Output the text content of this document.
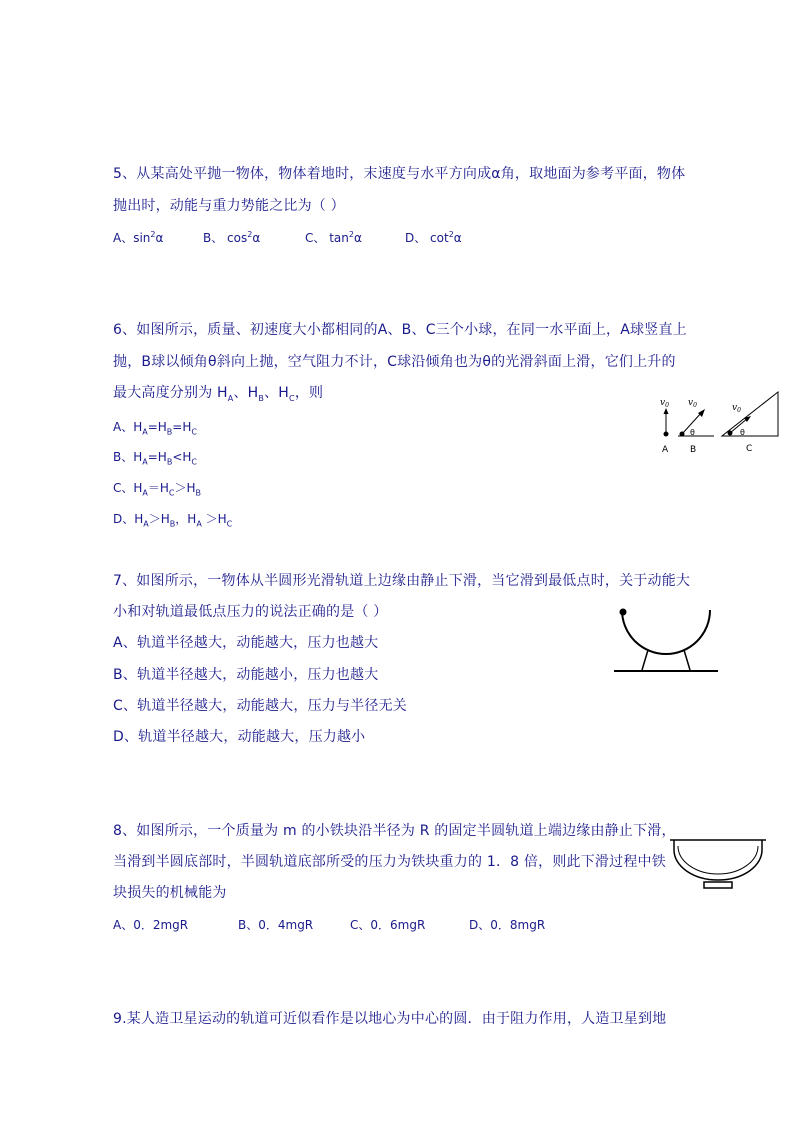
5、从某高处平抛一物体，物体着地时，末速度与水平方向成α角，取地面为参考平面，物体
抛出时，动能与重力势能之比为（ ）
A、$\sin^2\alpha$	B、 $\cos^2\alpha$	C、 $\tan^2\alpha$	D、 $\cot^2\alpha$
6、如图所示，质量、初速度大小都相同的A、B、C三个小球，在同一水平面上，A球竖直上
抛，B球以倾角θ斜向上抛，空气阻力不计，C球沿倾角也为θ的光滑斜面上滑，它们上升的
最大高度分别为 $H_A$、$H_B$、$H_C$，则
A、$H_A=H_B=H_C$
B、$H_A=H_B<H_C$
C、$H_A=H_C>H_B$
D、$H_A>H_B$，$H_A >H_C$
$v_0$
A
$v_0$
θ
B
$v_0$
θ
C
7、如图所示，一物体从半圆形光滑轨道上边缘由静止下滑，当它滑到最低点时，关于动能大
小和对轨道最低点压力的说法正确的是（ ）
A、轨道半径越大，动能越大，压力也越大
B、轨道半径越大，动能越小，压力也越大
C、轨道半径越大，动能越大，压力与半径无关
D、轨道半径越大，动能越大，压力越小
8、如图所示，一个质量为 m 的小铁块沿半径为 R 的固定半圆轨道上端边缘由静止下滑，
当滑到半圆底部时，半圆轨道底部所受的压力为铁块重力的 1．8 倍，则此下滑过程中铁
块损失的机械能为
A、0．2mgR	B、0．4mgR	C、0．6mgR	D、0．8mgR
9.某人造卫星运动的轨道可近似看作是以地心为中心的圆．由于阻力作用，人造卫星到地
